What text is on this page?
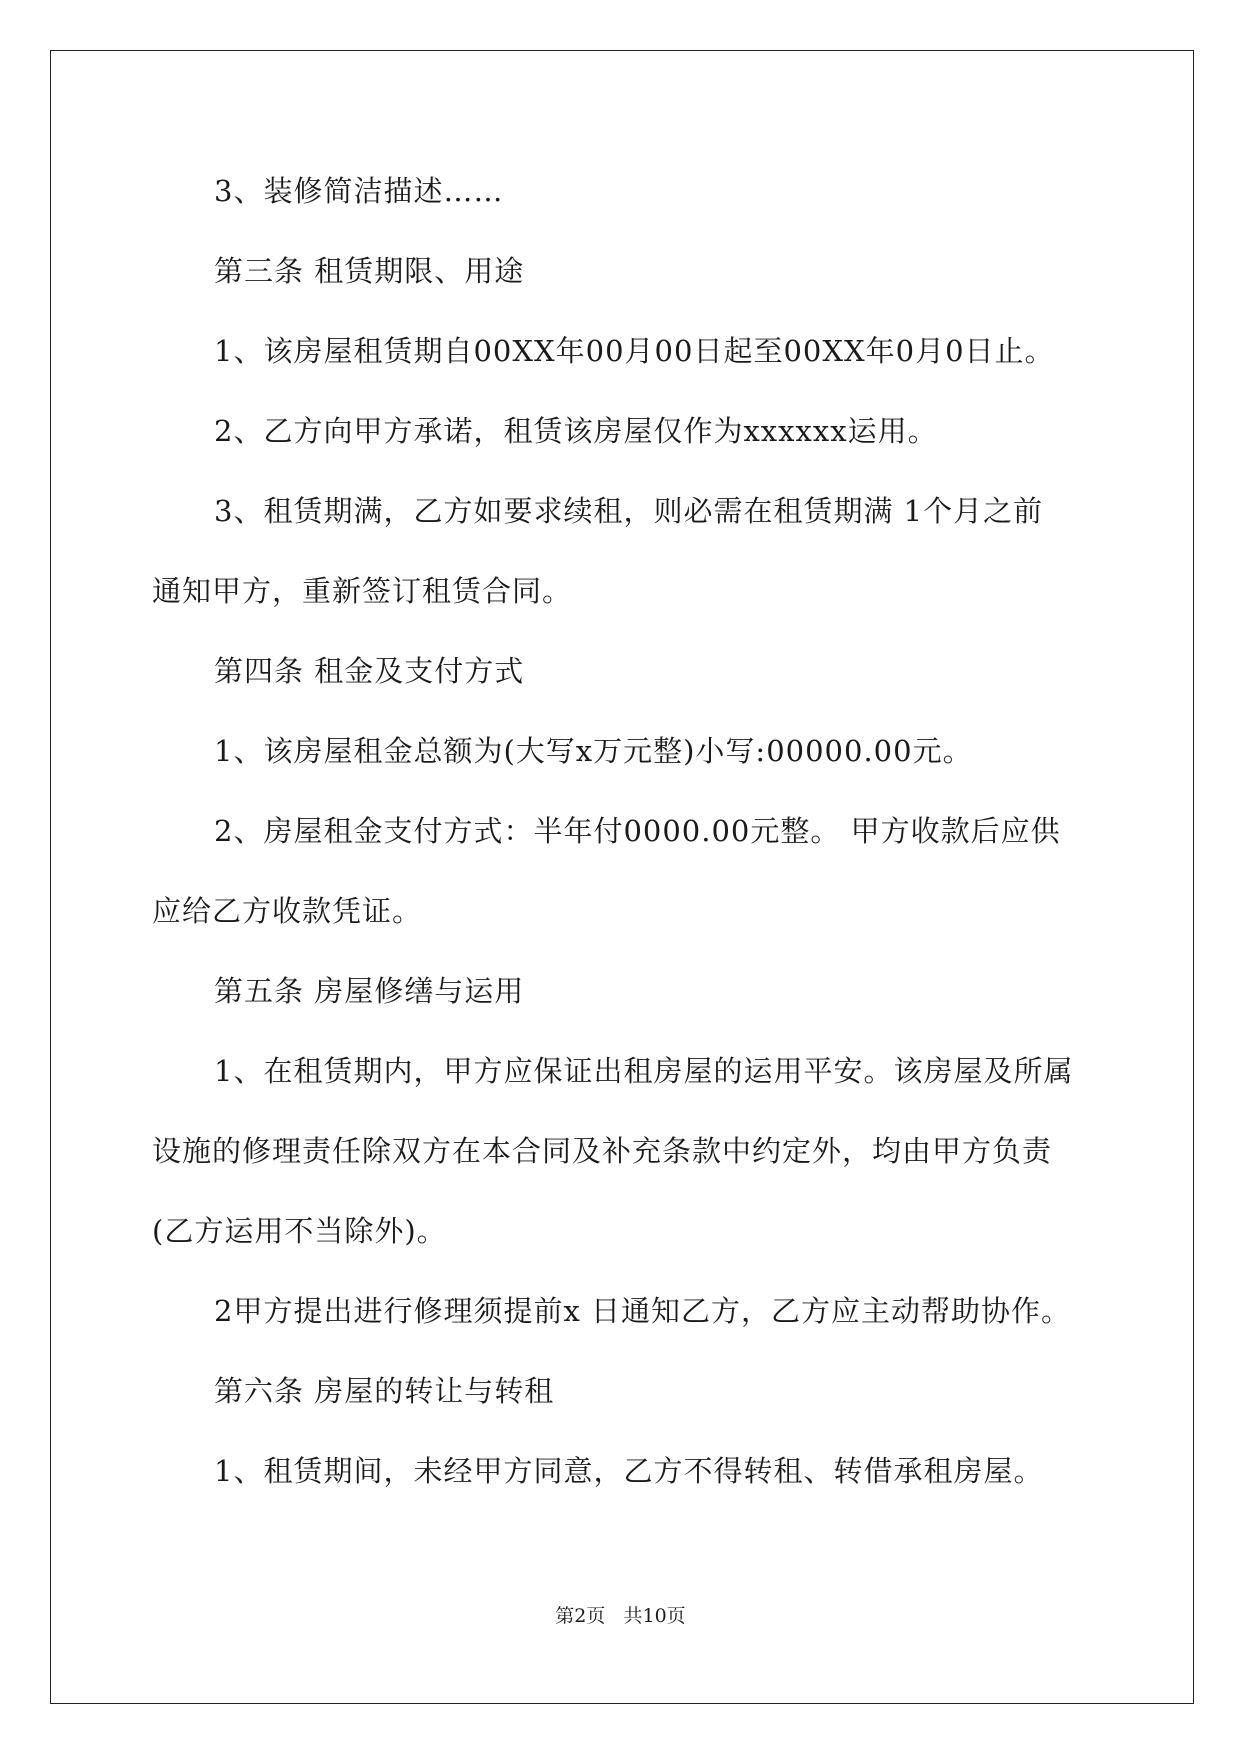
3、装修简洁描述……
第三条 租赁期限、用途
1、该房屋租赁期自00XX年00月00日起至00XX年0月0日止。
2、乙方向甲方承诺，租赁该房屋仅作为xxxxxx运用。
3、租赁期满，乙方如要求续租，则必需在租赁期满 1个月之前
通知甲方，重新签订租赁合同。
第四条 租金及支付方式
1、该房屋租金总额为(大写x万元整)小写:00000.00元。
2、房屋租金支付方式：半年付0000.00元整。 甲方收款后应供
应给乙方收款凭证。
第五条 房屋修缮与运用
1、在租赁期内，甲方应保证出租房屋的运用平安。该房屋及所属
设施的修理责任除双方在本合同及补充条款中约定外，均由甲方负责
(乙方运用不当除外)。
2甲方提出进行修理须提前x 日通知乙方，乙方应主动帮助协作。
第六条 房屋的转让与转租
1、租赁期间，未经甲方同意，乙方不得转租、转借承租房屋。
第2页   共10页
